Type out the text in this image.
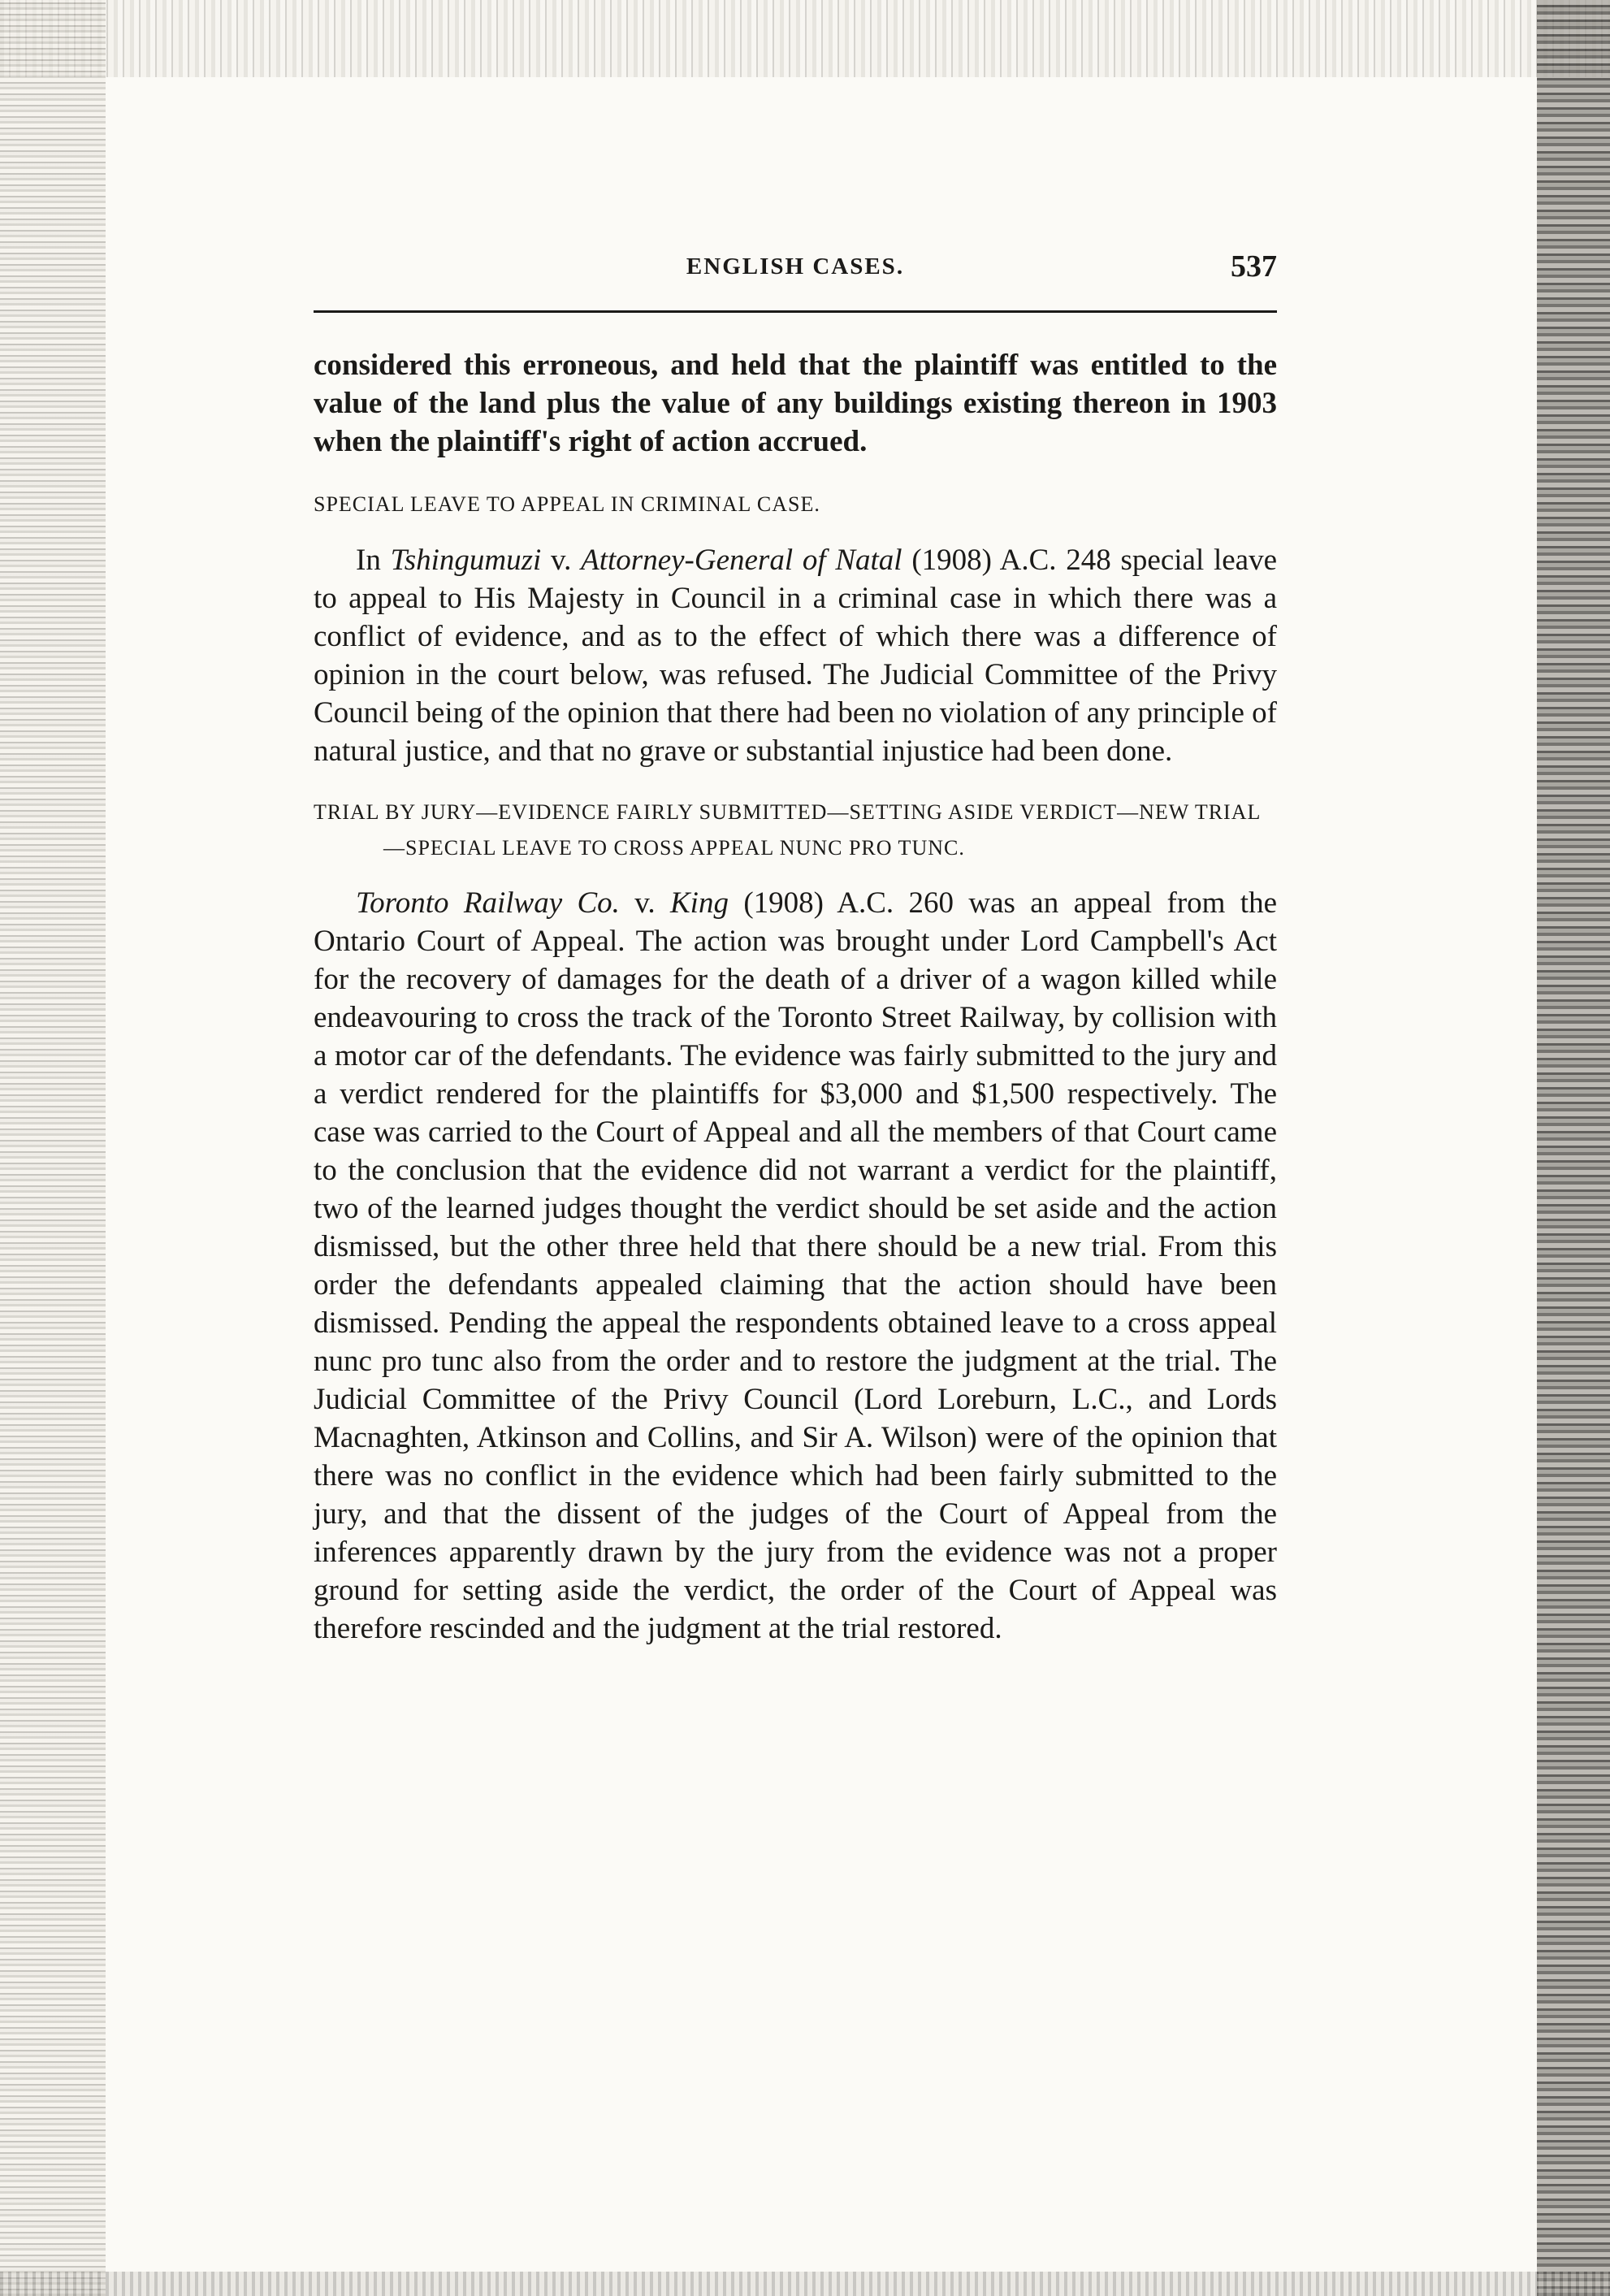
ENGLISH CASES.	537

considered this erroneous, and held that the plaintiff was entitled to the value of the land plus the value of any buildings existing thereon in 1903 when the plaintiff's right of action accrued.

SPECIAL LEAVE TO APPEAL IN CRIMINAL CASE.

In Tshingumuzi v. Attorney-General of Natal (1908) A.C. 248 special leave to appeal to His Majesty in Council in a criminal case in which there was a conflict of evidence, and as to the effect of which there was a difference of opinion in the court below, was refused. The Judicial Committee of the Privy Council being of the opinion that there had been no violation of any principle of natural justice, and that no grave or substantial injustice had been done.

TRIAL BY JURY—EVIDENCE FAIRLY SUBMITTED—SETTING ASIDE VERDICT—NEW TRIAL—SPECIAL LEAVE TO CROSS APPEAL NUNC PRO TUNC.

Toronto Railway Co. v. King (1908) A.C. 260 was an appeal from the Ontario Court of Appeal. The action was brought under Lord Campbell's Act for the recovery of damages for the death of a driver of a wagon killed while endeavouring to cross the track of the Toronto Street Railway, by collision with a motor car of the defendants. The evidence was fairly submitted to the jury and a verdict rendered for the plaintiffs for $3,000 and $1,500 respectively. The case was carried to the Court of Appeal and all the members of that Court came to the conclusion that the evidence did not warrant a verdict for the plaintiff, two of the learned judges thought the verdict should be set aside and the action dismissed, but the other three held that there should be a new trial. From this order the defendants appealed claiming that the action should have been dismissed. Pending the appeal the respondents obtained leave to a cross appeal nunc pro tunc also from the order and to restore the judgment at the trial. The Judicial Committee of the Privy Council (Lord Loreburn, L.C., and Lords Macnaghten, Atkinson and Collins, and Sir A. Wilson) were of the opinion that there was no conflict in the evidence which had been fairly submitted to the jury, and that the dissent of the judges of the Court of Appeal from the inferences apparently drawn by the jury from the evidence was not a proper ground for setting aside the verdict, the order of the Court of Appeal was therefore rescinded and the judgment at the trial restored.
